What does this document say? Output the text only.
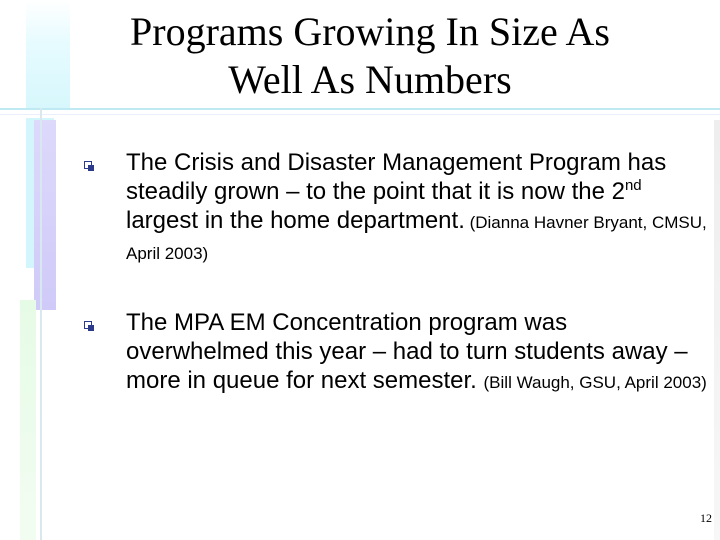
Programs Growing In Size As
Well As Numbers
The Crisis and Disaster Management Program has steadily grown – to the point that it is now the 2nd largest in the home department. (Dianna Havner Bryant, CMSU, April 2003)
The MPA EM Concentration program was overwhelmed this year – had to turn students away – more in queue for next semester. (Bill Waugh, GSU, April 2003)
12
